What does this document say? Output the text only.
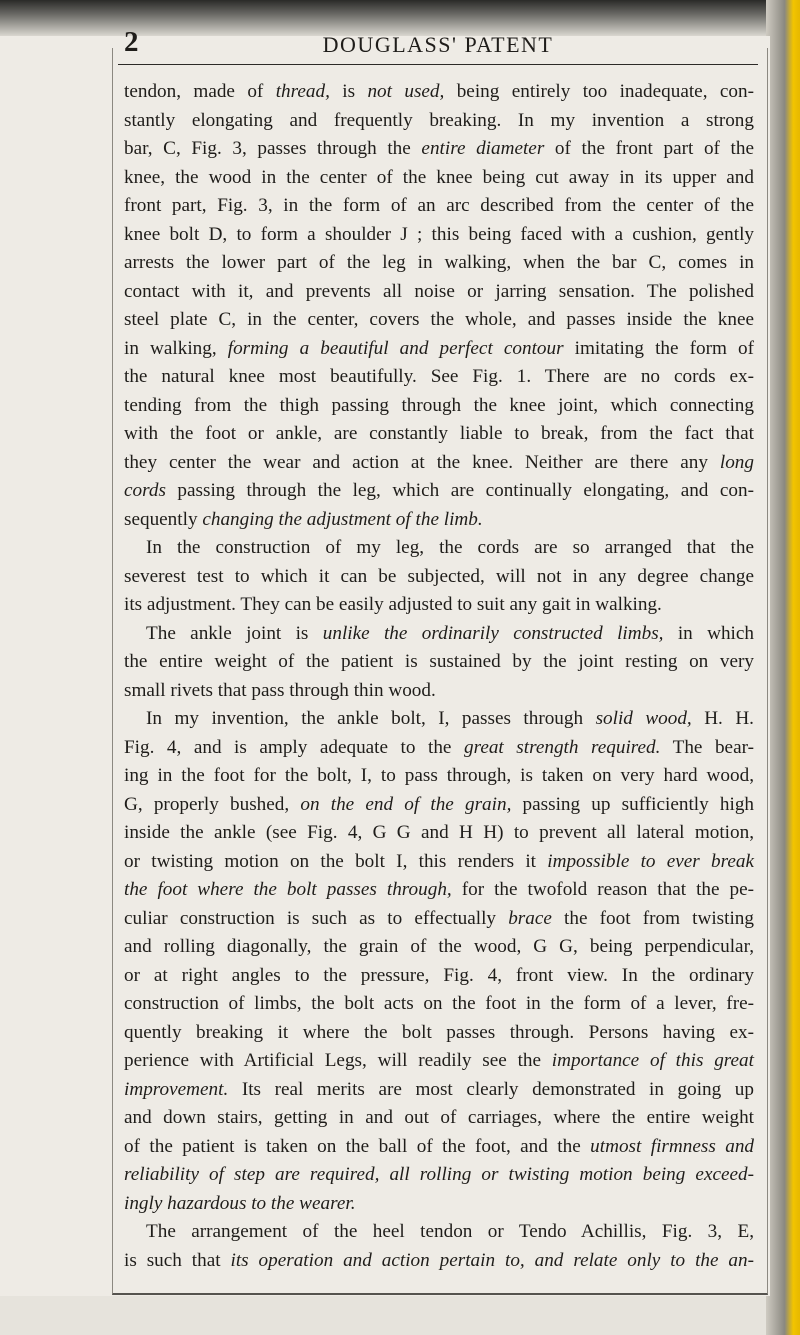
2	DOUGLASS' PATENT
tendon, made of thread, is not used, being entirely too inadequate, con-
stantly elongating and frequently breaking. In my invention a strong
bar, C, Fig. 3, passes through the entire diameter of the front part of the
knee, the wood in the center of the knee being cut away in its upper and
front part, Fig. 3, in the form of an arc described from the center of the
knee bolt D, to form a shoulder J ; this being faced with a cushion, gently
arrests the lower part of the leg in walking, when the bar C, comes in
contact with it, and prevents all noise or jarring sensation. The polished
steel plate C, in the center, covers the whole, and passes inside the knee
in walking, forming a beautiful and perfect contour imitating the form of
the natural knee most beautifully. See Fig. 1. There are no cords ex-
tending from the thigh passing through the knee joint, which connecting
with the foot or ankle, are constantly liable to break, from the fact that
they center the wear and action at the knee. Neither are there any long
cords passing through the leg, which are continually elongating, and con-
sequently changing the adjustment of the limb.
In the construction of my leg, the cords are so arranged that the
severest test to which it can be subjected, will not in any degree change
its adjustment. They can be easily adjusted to suit any gait in walking.
The ankle joint is unlike the ordinarily constructed limbs, in which
the entire weight of the patient is sustained by the joint resting on very
small rivets that pass through thin wood.
In my invention, the ankle bolt, I, passes through solid wood, H. H.
Fig. 4, and is amply adequate to the great strength required. The bear-
ing in the foot for the bolt, I, to pass through, is taken on very hard wood,
G, properly bushed, on the end of the grain, passing up sufficiently high
inside the ankle (see Fig. 4, G G and H H) to prevent all lateral motion,
or twisting motion on the bolt I, this renders it impossible to ever break
the foot where the bolt passes through, for the twofold reason that the pe-
culiar construction is such as to effectually brace the foot from twisting
and rolling diagonally, the grain of the wood, G G, being perpendicular,
or at right angles to the pressure, Fig. 4, front view. In the ordinary
construction of limbs, the bolt acts on the foot in the form of a lever, fre-
quently breaking it where the bolt passes through. Persons having ex-
perience with Artificial Legs, will readily see the importance of this great
improvement. Its real merits are most clearly demonstrated in going up
and down stairs, getting in and out of carriages, where the entire weight
of the patient is taken on the ball of the foot, and the utmost firmness and
reliability of step are required, all rolling or twisting motion being exceed-
ingly hazardous to the wearer.
The arrangement of the heel tendon or Tendo Achillis, Fig. 3, E,
is such that its operation and action pertain to, and relate only to the an-
